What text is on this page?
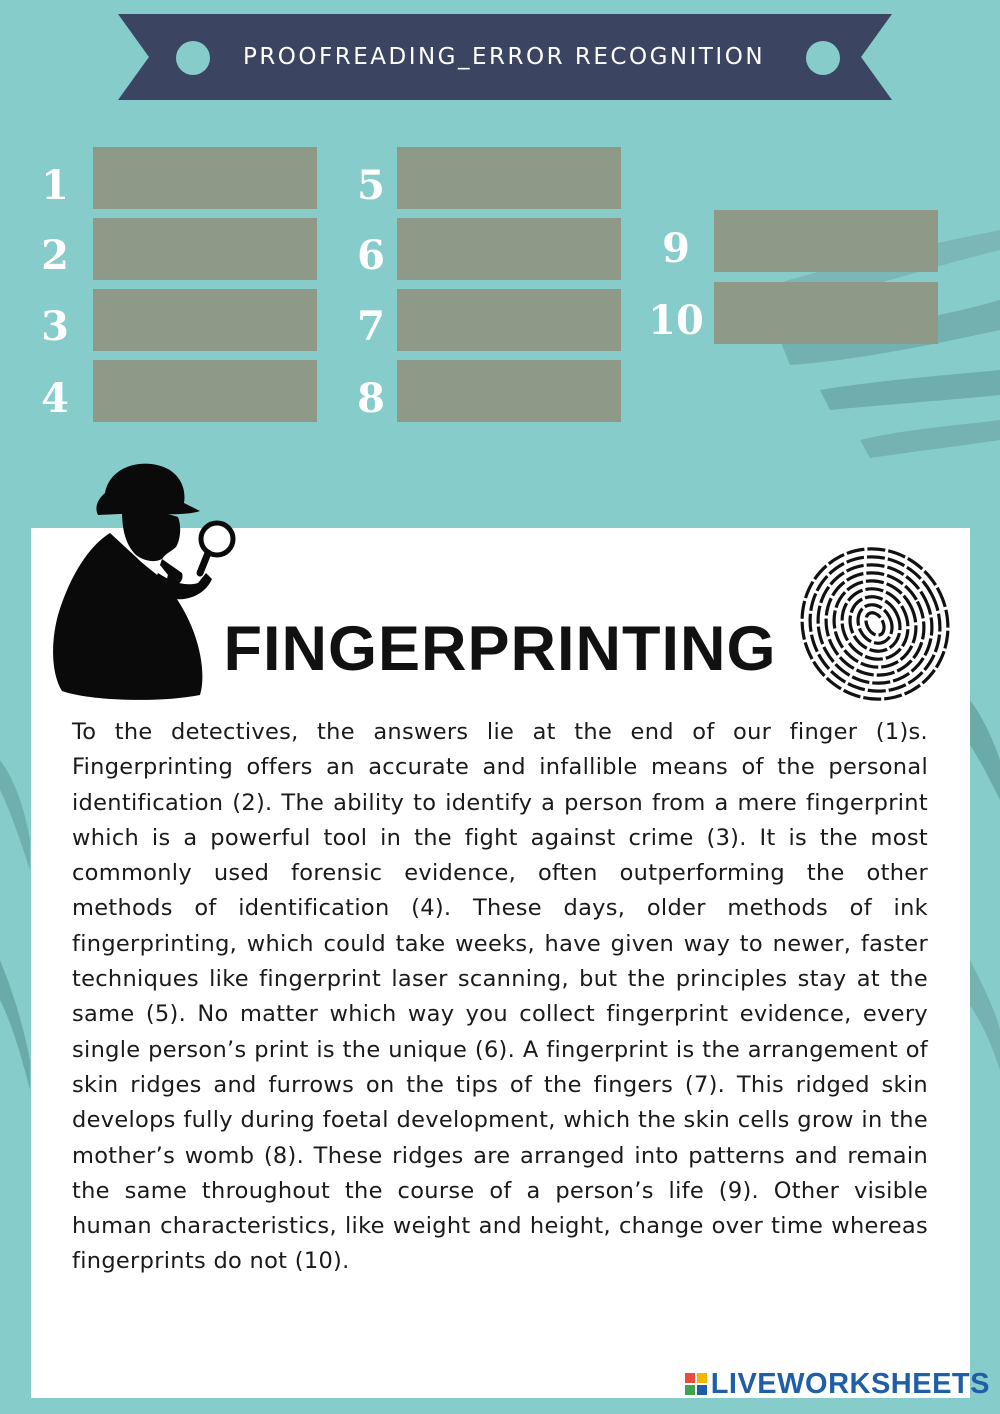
PROOFREADING_ERROR RECOGNITION
1
2
3
4
5
6
7
8
9
10
FINGERPRINTING

To the detectives, the answers lie at the end of our finger (1)s. Fingerprinting offers an accurate and infallible means of the personal identification (2). The ability to identify a person from a mere fingerprint which is a powerful tool in the fight against crime (3). It is the most commonly used forensic evidence, often outperforming the other methods of identification (4). These days, older methods of ink fingerprinting, which could take weeks, have given way to newer, faster techniques like fingerprint laser scanning, but the principles stay at the same (5). No matter which way you collect fingerprint evidence, every single person’s print is the unique (6). A fingerprint is the arrangement of skin ridges and furrows on the tips of the fingers (7). This ridged skin develops fully during foetal development, which the skin cells grow in the mother’s womb (8). These ridges are arranged into patterns and remain the same throughout the course of a person’s life (9). Other visible human characteristics, like weight and height, change over time whereas fingerprints do not (10).

LIVEWORKSHEETS
